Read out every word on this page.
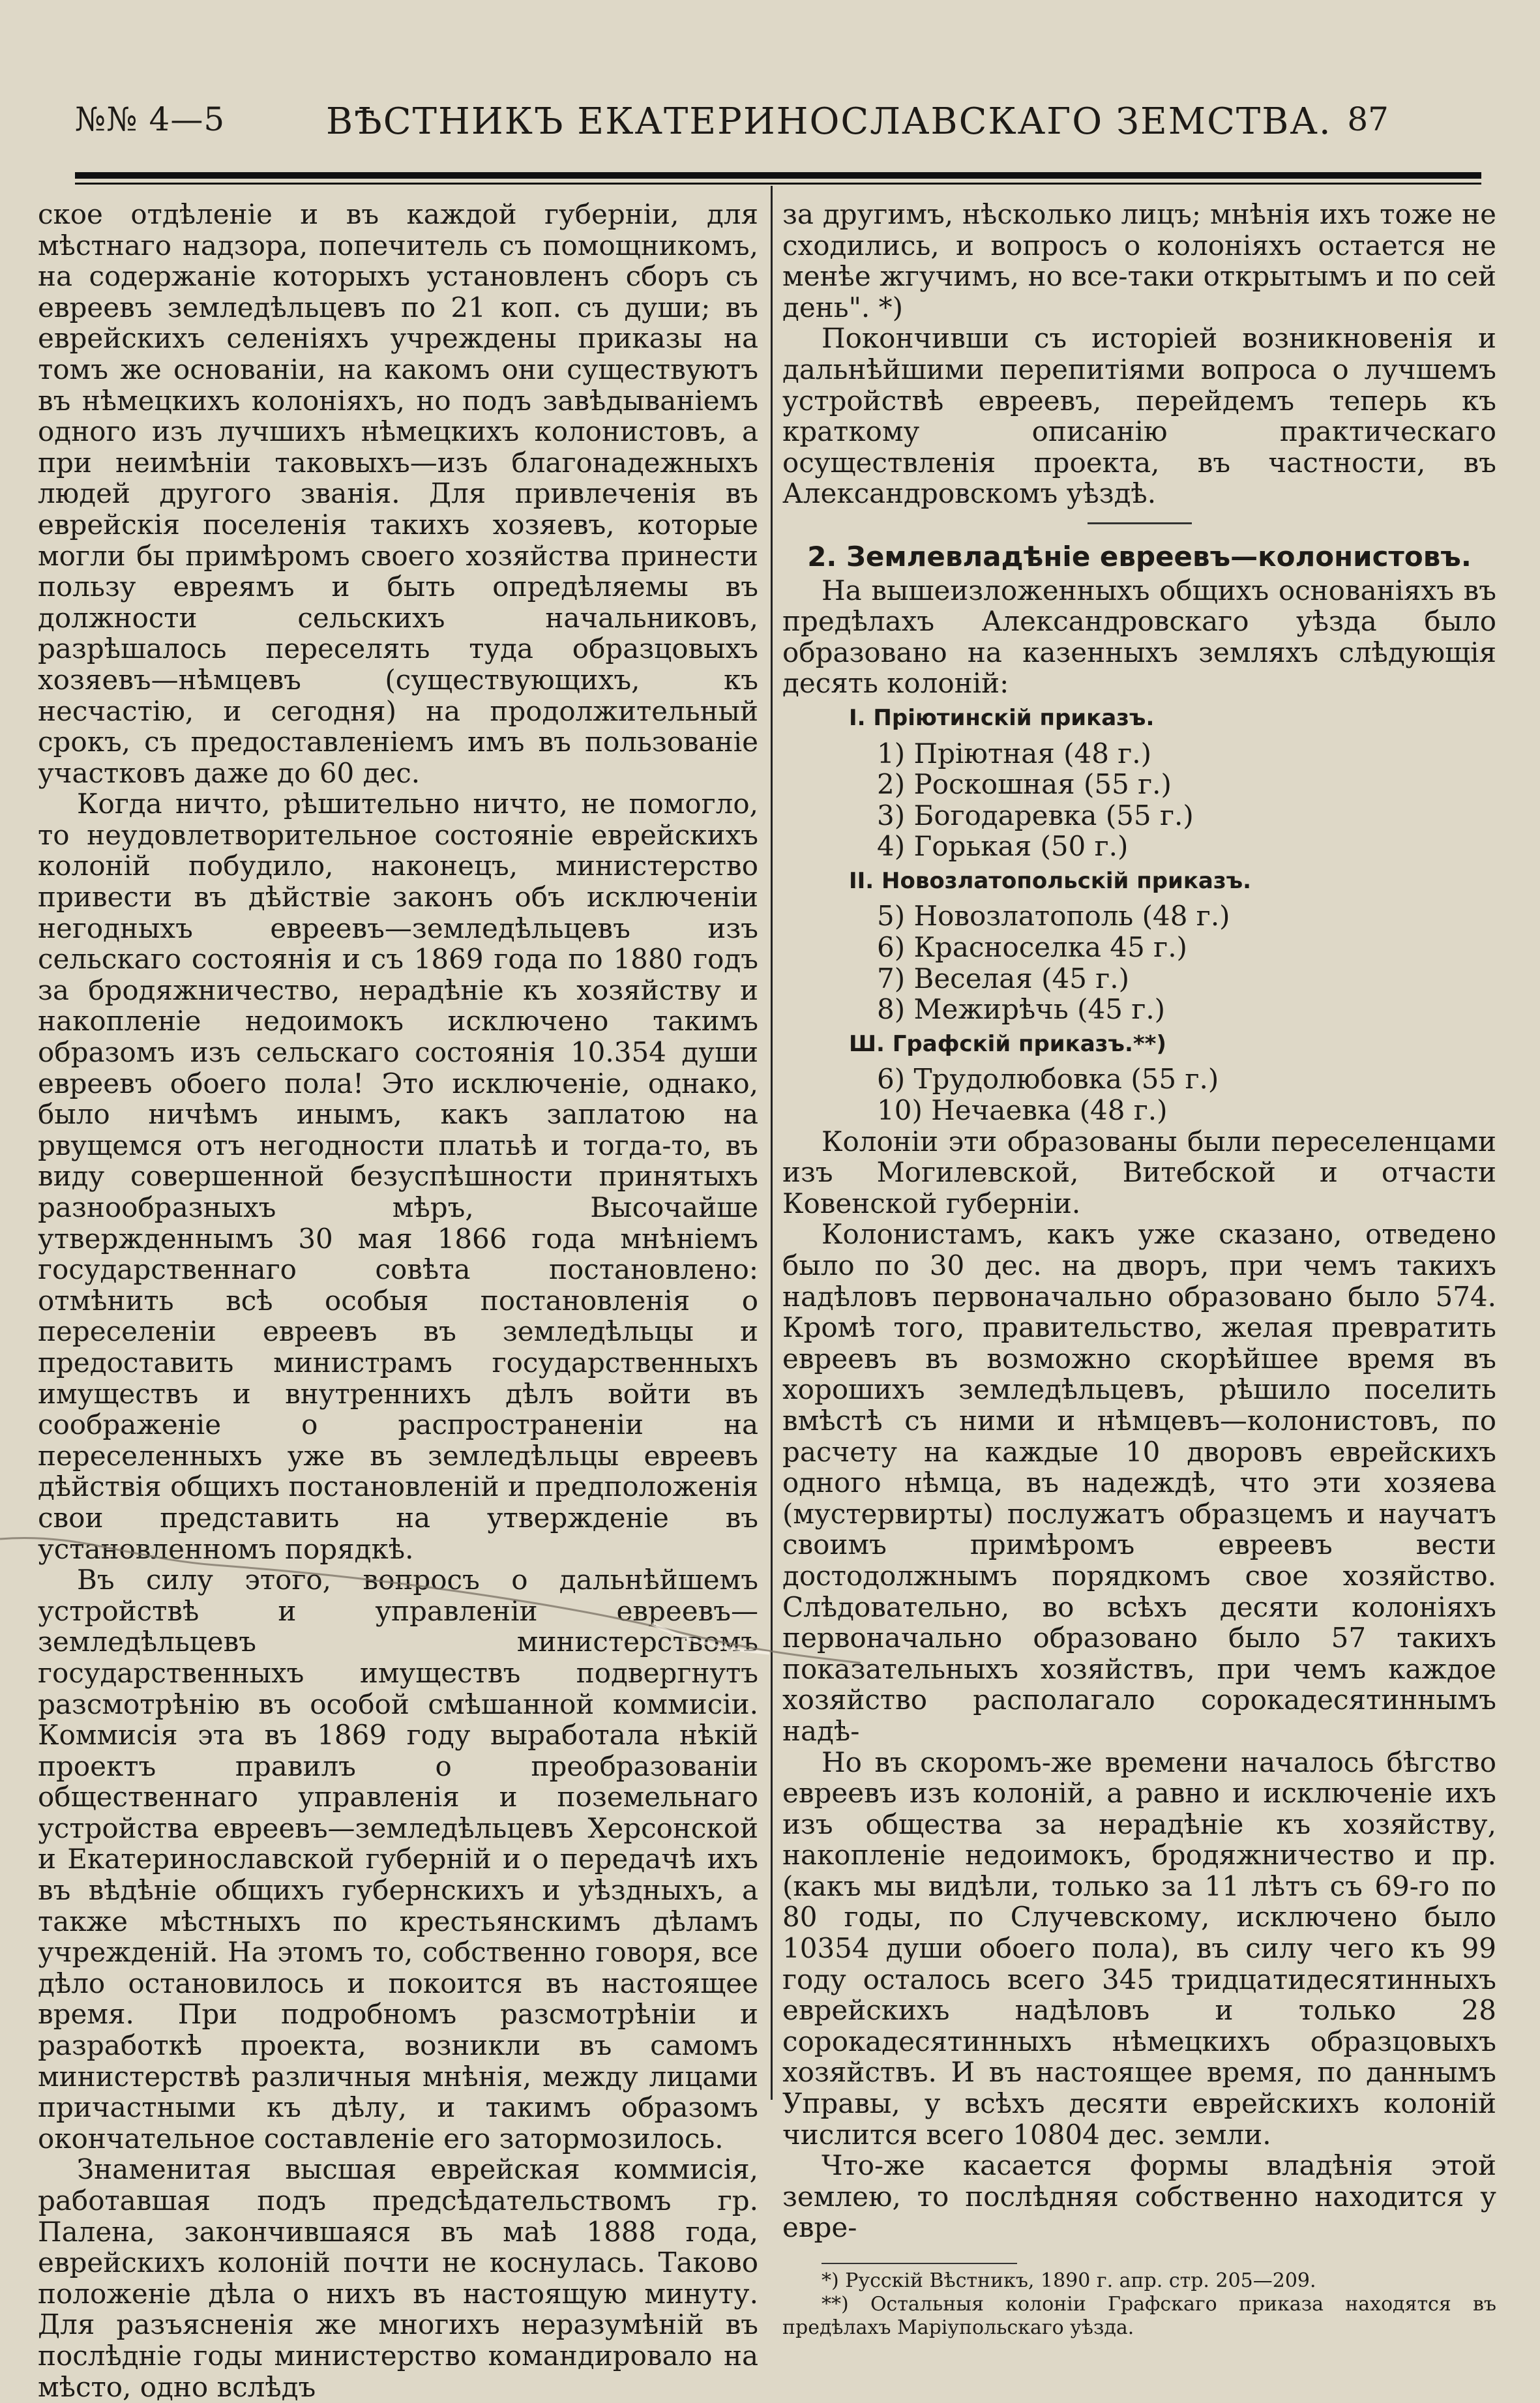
№№ 4—5	ВѢСТНИКЪ ЕКАТЕРИНОСЛАВСКАГО ЗЕМСТВА. 87

ское отдѣленіе и въ каждой губерніи, для мѣстнаго надзора, попечитель съ помощникомъ, на содержаніе которыхъ установленъ сборъ съ евреевъ земледѣльцевъ по 21 коп. съ души; въ еврейскихъ селеніяхъ учреждены приказы на томъ же основаніи, на какомъ они существуютъ въ нѣмецкихъ колоніяхъ, но подъ завѣдываніемъ одного изъ лучшихъ нѣмецкихъ колонистовъ, а при неимѣніи таковыхъ—изъ благонадежныхъ людей другого званія. Для привлеченія въ еврейскія поселенія такихъ хозяевъ, которые могли бы примѣромъ своего хозяйства принести пользу евреямъ и быть опредѣляемы въ должности сельскихъ начальниковъ, разрѣшалось переселять туда образцовыхъ хозяевъ—нѣмцевъ (существующихъ, къ несчастію, и сегодня) на продолжительный срокъ, съ предоставленіемъ имъ въ пользованіе участковъ даже до 60 дес.

Когда ничто, рѣшительно ничто, не помогло, то неудовлетворительное состояніе еврейскихъ колоній побудило, наконецъ, министерство привести въ дѣйствіе законъ объ исключеніи негодныхъ евреевъ—земледѣльцевъ изъ сельскаго состоянія и съ 1869 года по 1880 годъ за бродяжничество, нерадѣніе къ хозяйству и накопленіе недоимокъ исключено такимъ образомъ изъ сельскаго состоянія 10.354 души евреевъ обоего пола! Это исключеніе, однако, было ничѣмъ инымъ, какъ заплатою на рвущемся отъ негодности платьѣ и тогда-то, въ виду совершенной безуспѣшности принятыхъ разнообразныхъ мѣръ, Высочайше утвержденнымъ 30 мая 1866 года мнѣніемъ государственнаго совѣта постановлено: отмѣнить всѣ особыя постановленія о переселеніи евреевъ въ земледѣльцы и предоставить министрамъ государственныхъ имуществъ и внутреннихъ дѣлъ войти въ соображеніе о распространеніи на переселенныхъ уже въ земледѣльцы евреевъ дѣйствія общихъ постановленій и предположенія свои представить на утвержденіе въ установленномъ порядкѣ.

Въ силу этого, вопросъ о дальнѣйшемъ устройствѣ и управленіи евреевъ—земледѣльцевъ министерствомъ государственныхъ имуществъ подвергнутъ разсмотрѣнію въ особой смѣшанной коммисіи. Коммисія эта въ 1869 году выработала нѣкій проектъ правилъ о преобразованіи общественнаго управленія и поземельнаго устройства евреевъ—земледѣльцевъ Херсонской и Екатеринославской губерній и о передачѣ ихъ въ вѣдѣніе общихъ губернскихъ и уѣздныхъ, а также мѣстныхъ по крестьянскимъ дѣламъ учрежденій. На этомъ то, собственно говоря, все дѣло остановилось и покоится въ настоящее время. При подробномъ разсмотрѣніи и разработкѣ проекта, возникли въ самомъ министерствѣ различныя мнѣнія, между лицами причастными къ дѣлу, и такимъ образомъ окончательное составленіе его затормозилось.

Знаменитая высшая еврейская коммисія, работавшая подъ предсѣдательствомъ гр. Палена, закончившаяся въ маѣ 1888 года, еврейскихъ колоній почти не коснулась. Таково положеніе дѣла о нихъ въ настоящую минуту. Для разъясненія же многихъ неразумѣній въ послѣдніе годы министерство командировало на мѣсто, одно вслѣдъ

за другимъ, нѣсколько лицъ; мнѣнія ихъ тоже не сходились, и вопросъ о колоніяхъ остается не менѣе жгучимъ, но все-таки открытымъ и по сей день". *)

Покончивши съ исторіей возникновенія и дальнѣйшими перепитіями вопроса о лучшемъ устройствѣ евреевъ, перейдемъ теперь къ краткому описанію практическаго осуществленія проекта, въ частности, въ Александровскомъ уѣздѣ.

2. Землевладѣніе евреевъ—колонистовъ.

На вышеизложенныхъ общихъ основаніяхъ въ предѣлахъ Александровскаго уѣзда было образовано на казенныхъ земляхъ слѣдующія десять колоній:

I. Пріютинскій приказъ.
1) Пріютная (48 г.)
2) Роскошная (55 г.)
3) Богодаревка (55 г.)
4) Горькая (50 г.)
II. Новозлатопольскій приказъ.
5) Новозлатополь (48 г.)
6) Красноселка 45 г.)
7) Веселая (45 г.)
8) Межирѣчь (45 г.)
Ш. Графскій приказъ.**)
6) Трудолюбовка (55 г.)
10) Нечаевка (48 г.)

Колоніи эти образованы были переселенцами изъ Могилевской, Витебской и отчасти Ковенской губерніи.

Колонистамъ, какъ уже сказано, отведено было по 30 дес. на дворъ, при чемъ такихъ надѣловъ первоначально образовано было 574. Кромѣ того, правительство, желая превратить евреевъ въ возможно скорѣйшее время въ хорошихъ земледѣльцевъ, рѣшило поселить вмѣстѣ съ ними и нѣмцевъ—колонистовъ, по расчету на каждые 10 дворовъ еврейскихъ одного нѣмца, въ надеждѣ, что эти хозяева (мустервирты) послужатъ образцемъ и научатъ своимъ примѣромъ евреевъ вести достодолжнымъ порядкомъ свое хозяйство. Слѣдовательно, во всѣхъ десяти колоніяхъ первоначально образовано было 57 такихъ показательныхъ хозяйствъ, при чемъ каждое хозяйство располагало сорокадесятиннымъ надѣ-

Но въ скоромъ-же времени началось бѣгство евреевъ изъ колоній, а равно и исключеніе ихъ изъ общества за нерадѣніе къ хозяйству, накопленіе недоимокъ, бродяжничество и пр. (какъ мы видѣли, только за 11 лѣтъ съ 69-го по 80 годы, по Случевскому, исключено было 10354 души обоего пола), въ силу чего къ 99 году осталось всего 345 тридцатидесятинныхъ еврейскихъ надѣловъ и только 28 сорокадесятинныхъ нѣмецкихъ образцовыхъ хозяйствъ. И въ настоящее время, по даннымъ Управы, у всѣхъ десяти еврейскихъ колоній числится всего 10804 дес. земли.

Что-же касается формы владѣнія этой землею, то послѣдняя собственно находится у евре-

*) Русскій Вѣстникъ, 1890 г. апр. стр. 205—209.
**) Остальныя колоніи Графскаго приказа находятся въ предѣлахъ Маріупольскаго уѣзда.
